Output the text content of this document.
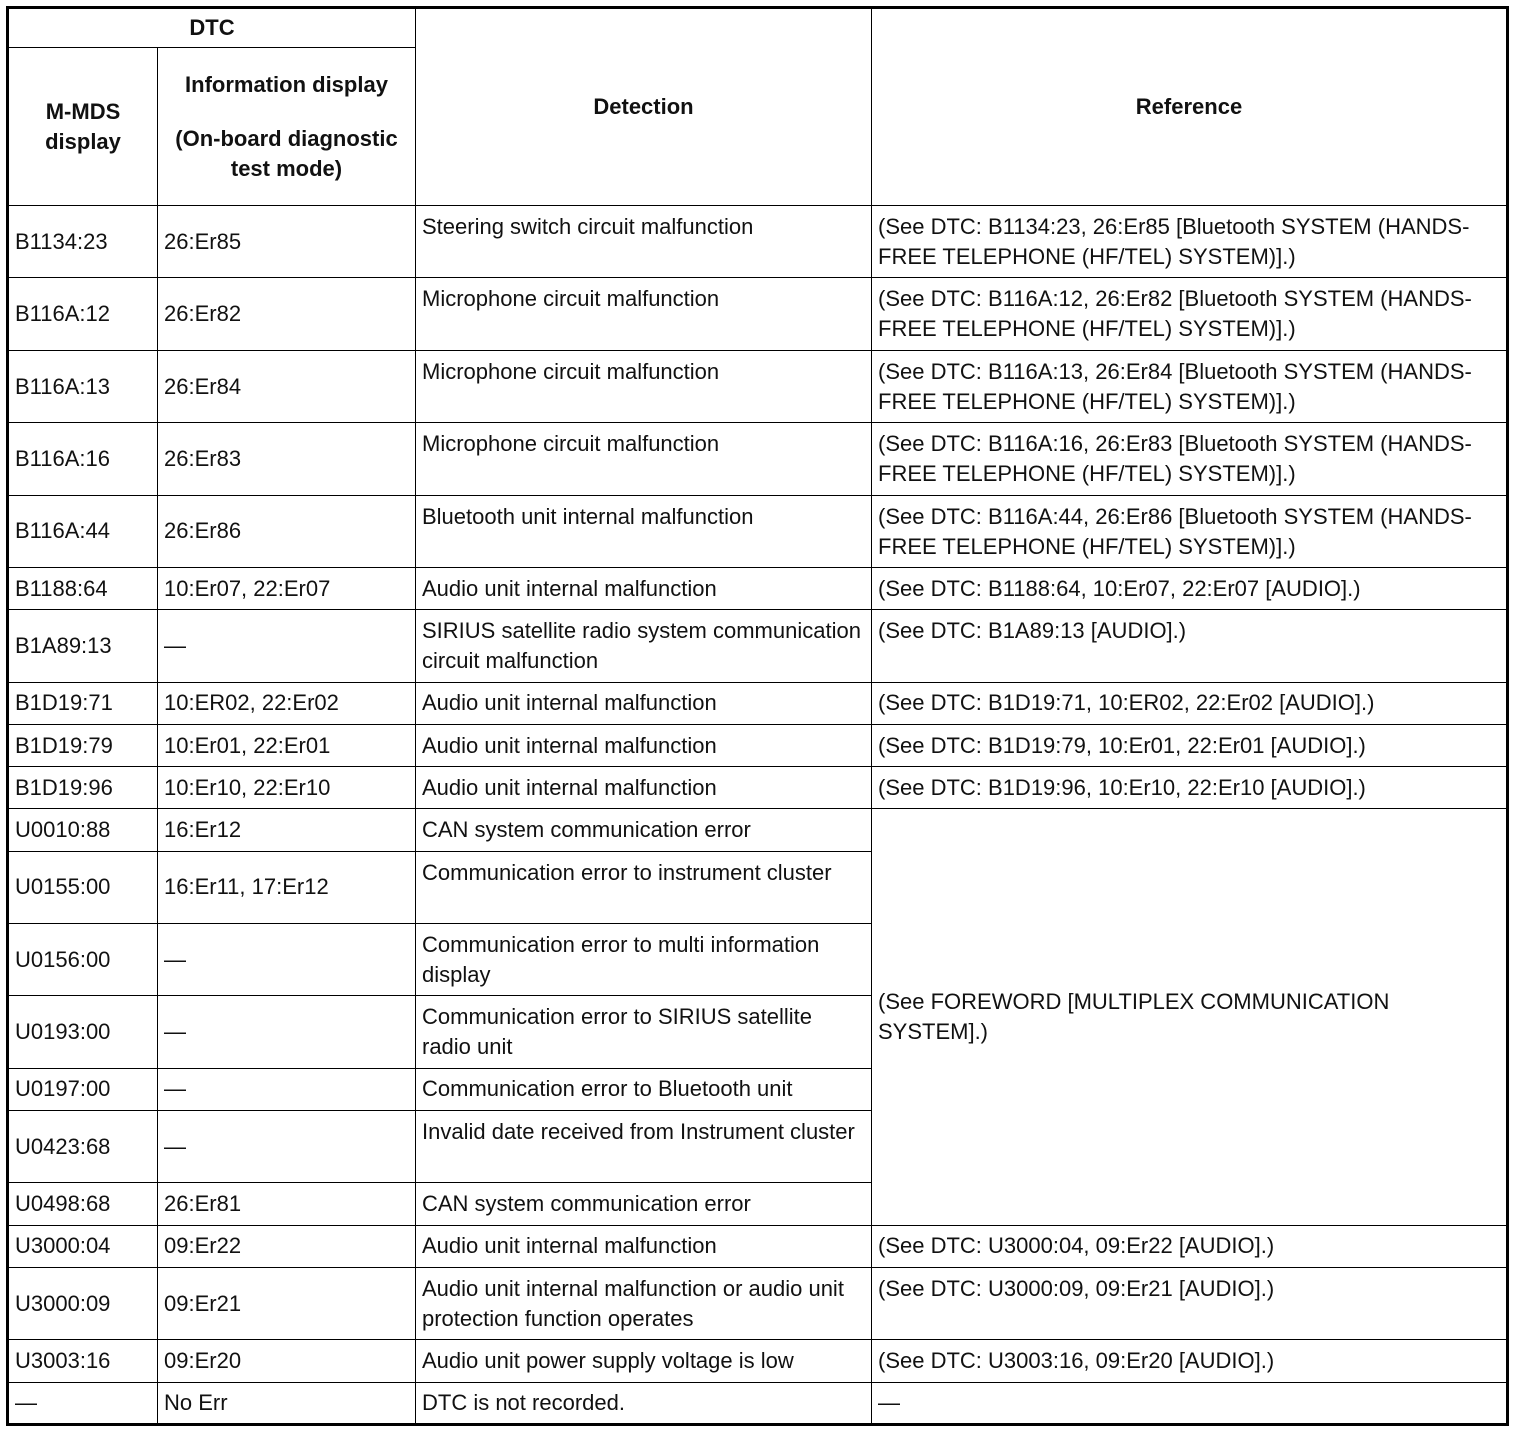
DTC		Detection	Reference
M-MDS display	Information display
(On-board diagnostic test mode)		

B1134:23	26:Er85	Steering switch circuit malfunction	(See DTC: B1134:23, 26:Er85 [Bluetooth SYSTEM (HANDS-FREE TELEPHONE (HF/TEL) SYSTEM)].)
B116A:12	26:Er82	Microphone circuit malfunction	(See DTC: B116A:12, 26:Er82 [Bluetooth SYSTEM (HANDS-FREE TELEPHONE (HF/TEL) SYSTEM)].)
B116A:13	26:Er84	Microphone circuit malfunction	(See DTC: B116A:13, 26:Er84 [Bluetooth SYSTEM (HANDS-FREE TELEPHONE (HF/TEL) SYSTEM)].)
B116A:16	26:Er83	Microphone circuit malfunction	(See DTC: B116A:16, 26:Er83 [Bluetooth SYSTEM (HANDS-FREE TELEPHONE (HF/TEL) SYSTEM)].)
B116A:44	26:Er86	Bluetooth unit internal malfunction	(See DTC: B116A:44, 26:Er86 [Bluetooth SYSTEM (HANDS-FREE TELEPHONE (HF/TEL) SYSTEM)].)
B1188:64	10:Er07, 22:Er07	Audio unit internal malfunction	(See DTC: B1188:64, 10:Er07, 22:Er07 [AUDIO].)
B1A89:13	—	SIRIUS satellite radio system communication circuit malfunction	(See DTC: B1A89:13 [AUDIO].)
B1D19:71	10:ER02, 22:Er02	Audio unit internal malfunction	(See DTC: B1D19:71, 10:ER02, 22:Er02 [AUDIO].)
B1D19:79	10:Er01, 22:Er01	Audio unit internal malfunction	(See DTC: B1D19:79, 10:Er01, 22:Er01 [AUDIO].)
B1D19:96	10:Er10, 22:Er10	Audio unit internal malfunction	(See DTC: B1D19:96, 10:Er10, 22:Er10 [AUDIO].)
U0010:88	16:Er12	CAN system communication error	(See FOREWORD [MULTIPLEX COMMUNICATION SYSTEM].)
U0155:00	16:Er11, 17:Er12	Communication error to instrument cluster	
U0156:00	—	Communication error to multi information display	
U0193:00	—	Communication error to SIRIUS satellite radio unit	
U0197:00	—	Communication error to Bluetooth unit	
U0423:68	—	Invalid date received from Instrument cluster	
U0498:68	26:Er81	CAN system communication error	
U3000:04	09:Er22	Audio unit internal malfunction	(See DTC: U3000:04, 09:Er22 [AUDIO].)
U3000:09	09:Er21	Audio unit internal malfunction or audio unit protection function operates	(See DTC: U3000:09, 09:Er21 [AUDIO].)
U3003:16	09:Er20	Audio unit power supply voltage is low	(See DTC: U3003:16, 09:Er20 [AUDIO].)
—	No Err	DTC is not recorded.	—
